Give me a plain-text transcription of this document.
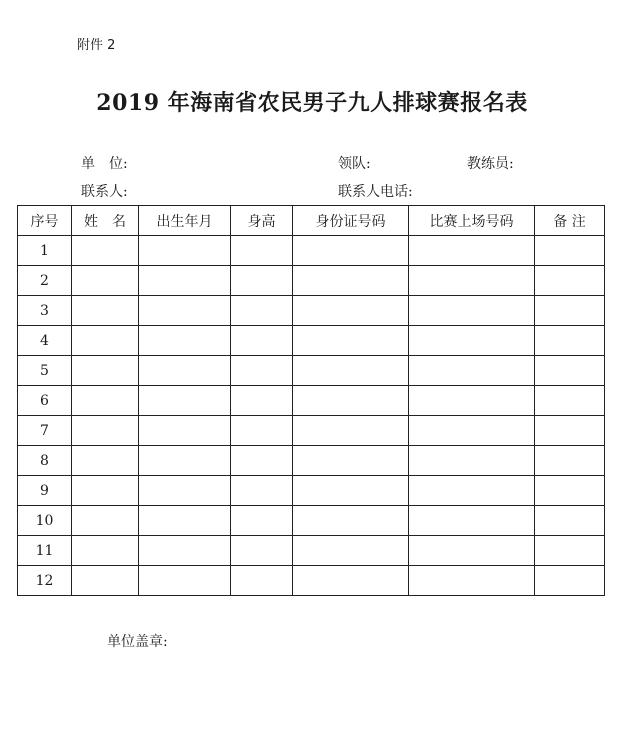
附件 2
2019 年海南省农民男子九人排球赛报名表
单　位:	领队:	教练员:
联系人:	联系人电话:
序号	姓　名	出生年月	身高	身份证号码	比赛上场号码	备 注
1						
2						
3						
4						
5						
6						
7						
8						
9						
10						
11						
12						
单位盖章:
